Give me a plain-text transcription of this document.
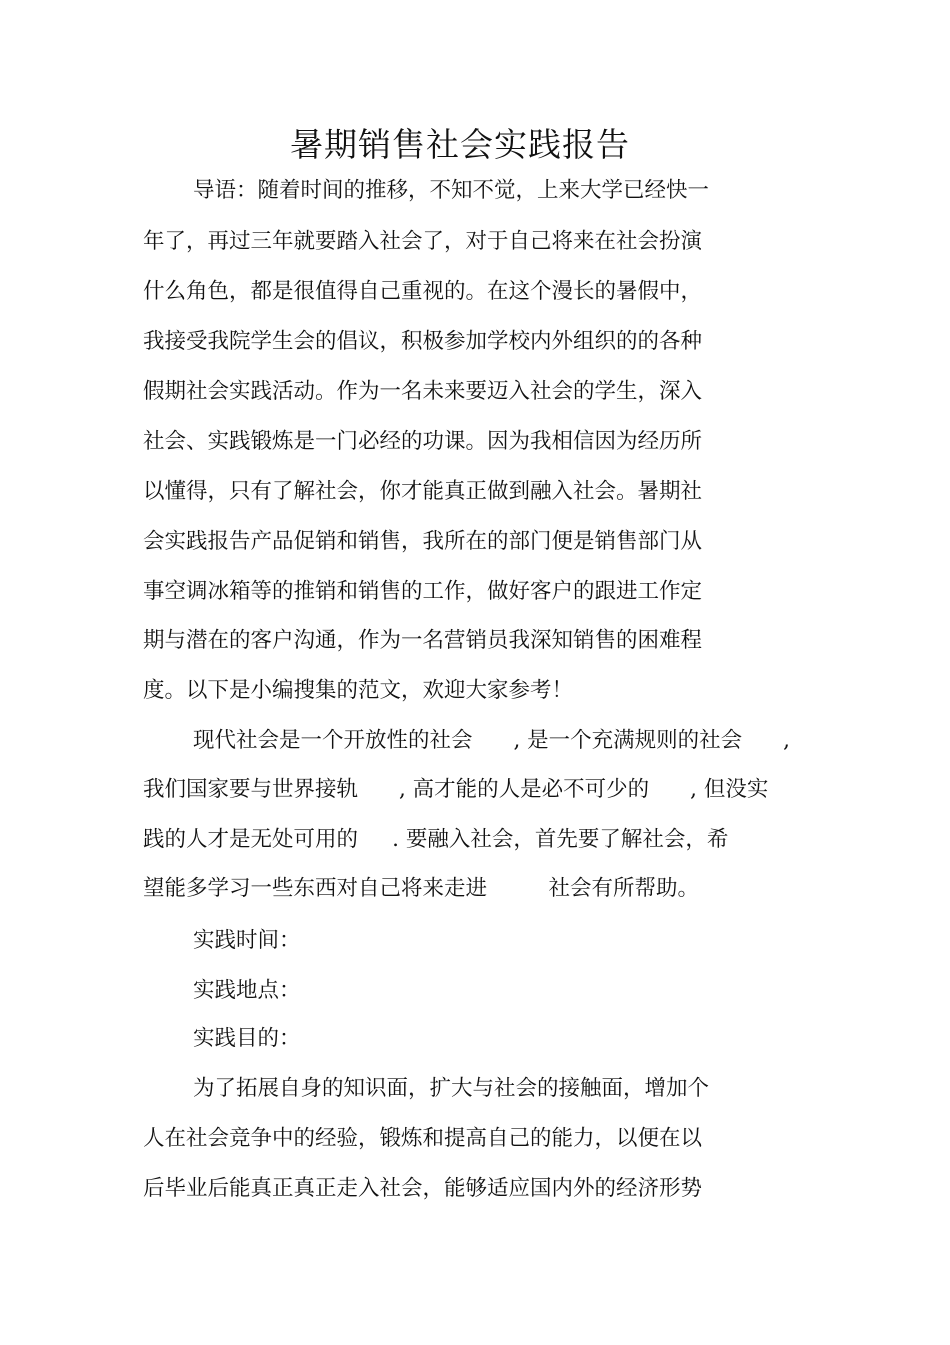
暑期销售社会实践报告
导语：随着时间的推移，不知不觉，上来大学已经快一
年了，再过三年就要踏入社会了，对于自己将来在社会扮演
什么角色，都是很值得自己重视的。在这个漫长的暑假中，
我接受我院学生会的倡议，积极参加学校内外组织的的各种
假期社会实践活动。作为一名未来要迈入社会的学生，深入
社会、实践锻炼是一门必经的功课。因为我相信因为经历所
以懂得，只有了解社会，你才能真正做到融入社会。暑期社
会实践报告产品促销和销售，我所在的部门便是销售部门从
事空调冰箱等的推销和销售的工作，做好客户的跟进工作定
期与潜在的客户沟通，作为一名营销员我深知销售的困难程
度。以下是小编搜集的范文，欢迎大家参考！
现代社会是一个开放性的社会      , 是一个充满规则的社会      ,
我们国家要与世界接轨      , 高才能的人是必不可少的      , 但没实
践的人才是无处可用的     . 要融入社会，首先要了解社会，希
望能多学习一些东西对自己将来走进         社会有所帮助。
实践时间：
实践地点：
实践目的：
为了拓展自身的知识面，扩大与社会的接触面，增加个
人在社会竞争中的经验，锻炼和提高自己的能力，以便在以
后毕业后能真正真正走入社会，能够适应国内外的经济形势
